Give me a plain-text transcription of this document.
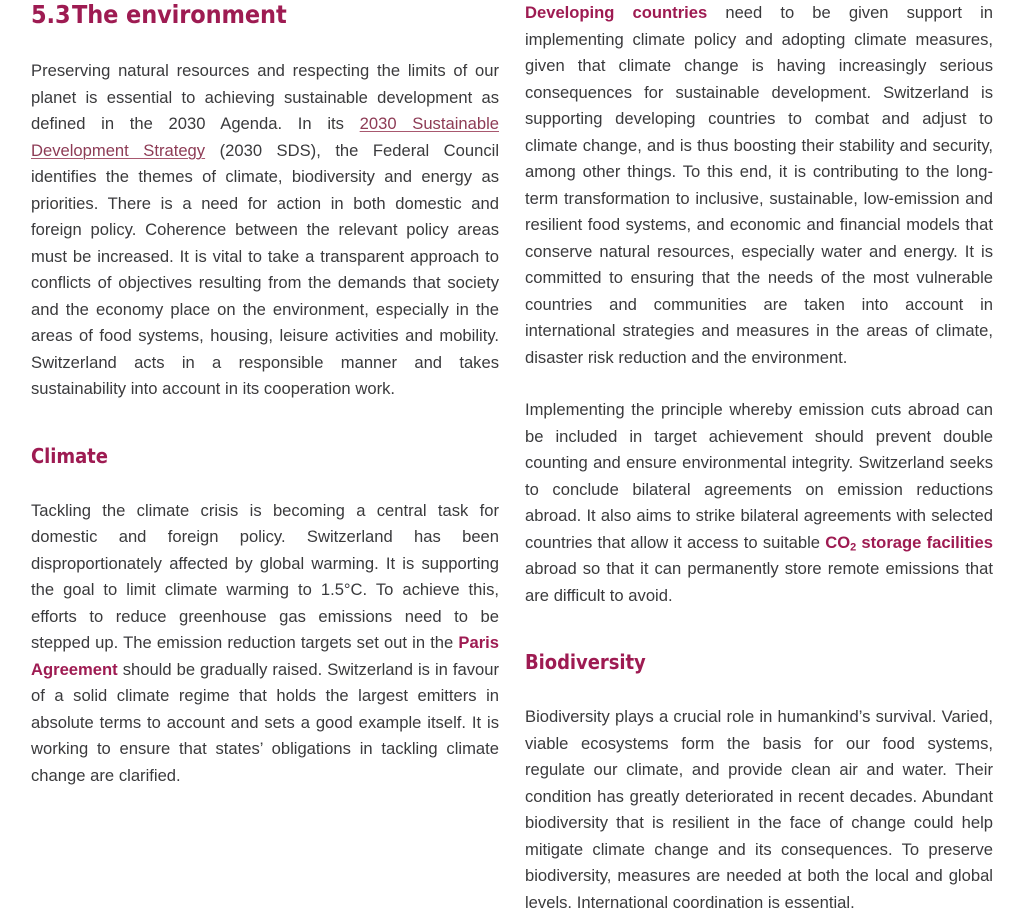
5.3 The environment

Preserving natural resources and respecting the limits of our planet is essential to achieving sustainable development as defined in the 2030 Agenda. In its 2030 Sustainable Development Strategy (2030 SDS), the Federal Council identifies the themes of climate, biodiversity and energy as priorities. There is a need for action in both domestic and foreign policy. Coherence between the relevant policy areas must be increased. It is vital to take a transparent approach to conflicts of objectives resulting from the demands that society and the economy place on the environment, especially in the areas of food systems, housing, leisure activities and mobility. Switzerland acts in a responsible manner and takes sustainability into account in its cooperation work.

Climate

Tackling the climate crisis is becoming a central task for domestic and foreign policy. Switzerland has been disproportionately affected by global warming. It is supporting the goal to limit climate warming to 1.5°C. To achieve this, efforts to reduce greenhouse gas emissions need to be stepped up. The emission reduction targets set out in the Paris Agreement should be gradually raised. Switzerland is in favour of a solid climate regime that holds the largest emitters in absolute terms to account and sets a good example itself. It is working to ensure that states’ obligations in tackling climate change are clarified.

Developing countries need to be given support in implementing climate policy and adopting climate measures, given that climate change is having increasingly serious consequences for sustainable development. Switzerland is supporting developing countries to combat and adjust to climate change, and is thus boosting their stability and security, among other things. To this end, it is contributing to the long-term transformation to inclusive, sustainable, low-emission and resilient food systems, and economic and financial models that conserve natural resources, especially water and energy. It is committed to ensuring that the needs of the most vulnerable countries and communities are taken into account in international strategies and measures in the areas of climate, disaster risk reduction and the environment.

Implementing the principle whereby emission cuts abroad can be included in target achievement should prevent double counting and ensure environmental integrity. Switzerland seeks to conclude bilateral agreements on emission reductions abroad. It also aims to strike bilateral agreements with selected countries that allow it access to suitable $CO_2$ storage facilities abroad so that it can permanently store remote emissions that are difficult to avoid.

Biodiversity

Biodiversity plays a crucial role in humankind’s survival. Varied, viable ecosystems form the basis for our food systems, regulate our climate, and provide clean air and water. Their condition has greatly deteriorated in recent decades. Abundant biodiversity that is resilient in the face of change could help mitigate climate change and its consequences. To preserve biodiversity, measures are needed at both the local and global levels. International coordination is essential.
